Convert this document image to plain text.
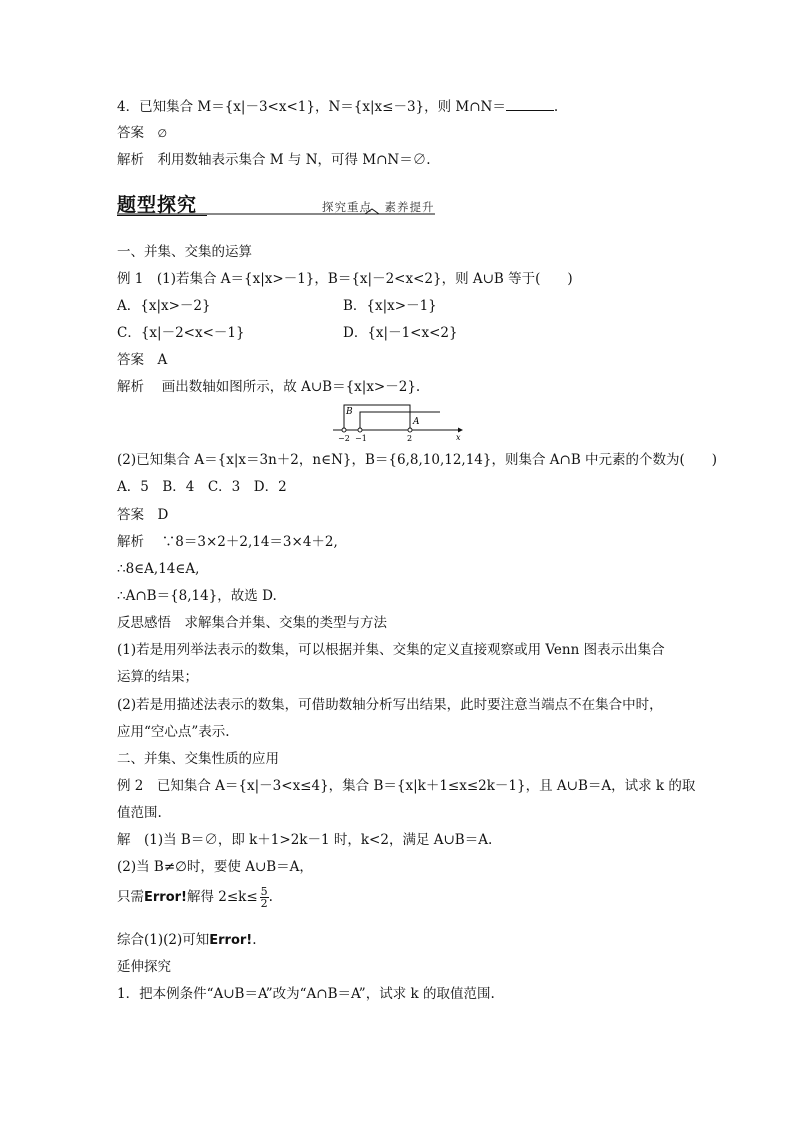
4．已知集合 M＝{x|－3<x<1}，N＝{x|x≤－3}，则 M∩N＝	.
答案　 ∅
解析　 利用数轴表示集合 M 与 N，可得 M∩N＝∅.
题型探究	探究重点　素养提升
一、并集、交集的运算
例 1　(1)若集合 A＝{x|x>－1}，B＝{x|－2<x<2}，则 A∪B 等于(　　)
A．{x|x>－2}	B．{x|x>－1}
C．{x|－2<x<－1}	D．{x|－1<x<2}
答案　 A
解析　 画出数轴如图所示，故 A∪B＝{x|x>－2}.
B
A
−2 −1	2	x
(2)已知集合 A＝{x|x＝3n＋2，n∈N}，B＝{6,8,10,12,14}，则集合 A∩B 中元素的个数为(　　)
A．5　B．4　C．3　D．2
答案　 D
解析　 ∵8＝3×2＋2,14＝3×4＋2,
∴8∈A,14∈A,
∴A∩B＝{8,14}，故选 D.
反思感悟　 求解集合并集、交集的类型与方法
(1)若是用列举法表示的数集，可以根据并集、交集的定义直接观察或用 Venn 图表示出集合
运算的结果；
(2)若是用描述法表示的数集，可借助数轴分析写出结果，此时要注意当端点不在集合中时，
应用“空心点”表示.
二、并集、交集性质的应用
例 2　已知集合 A＝{x|－3<x≤4}，集合 B＝{x|k＋1≤x≤2k－1}，且 A∪B＝A，试求 k 的取
值范围.
解　 (1)当 B＝∅，即 k＋1>2k－1 时，k<2，满足 A∪B＝A.
(2)当 B≠∅时，要使 A∪B＝A，
只需Error!解得 $2\le k\le \frac{5}{2}$ .
综合(1)(2)可知Error!.
延伸探究
1．把本例条件“A∪B＝A”改为“A∩B＝A”，试求 k 的取值范围.
